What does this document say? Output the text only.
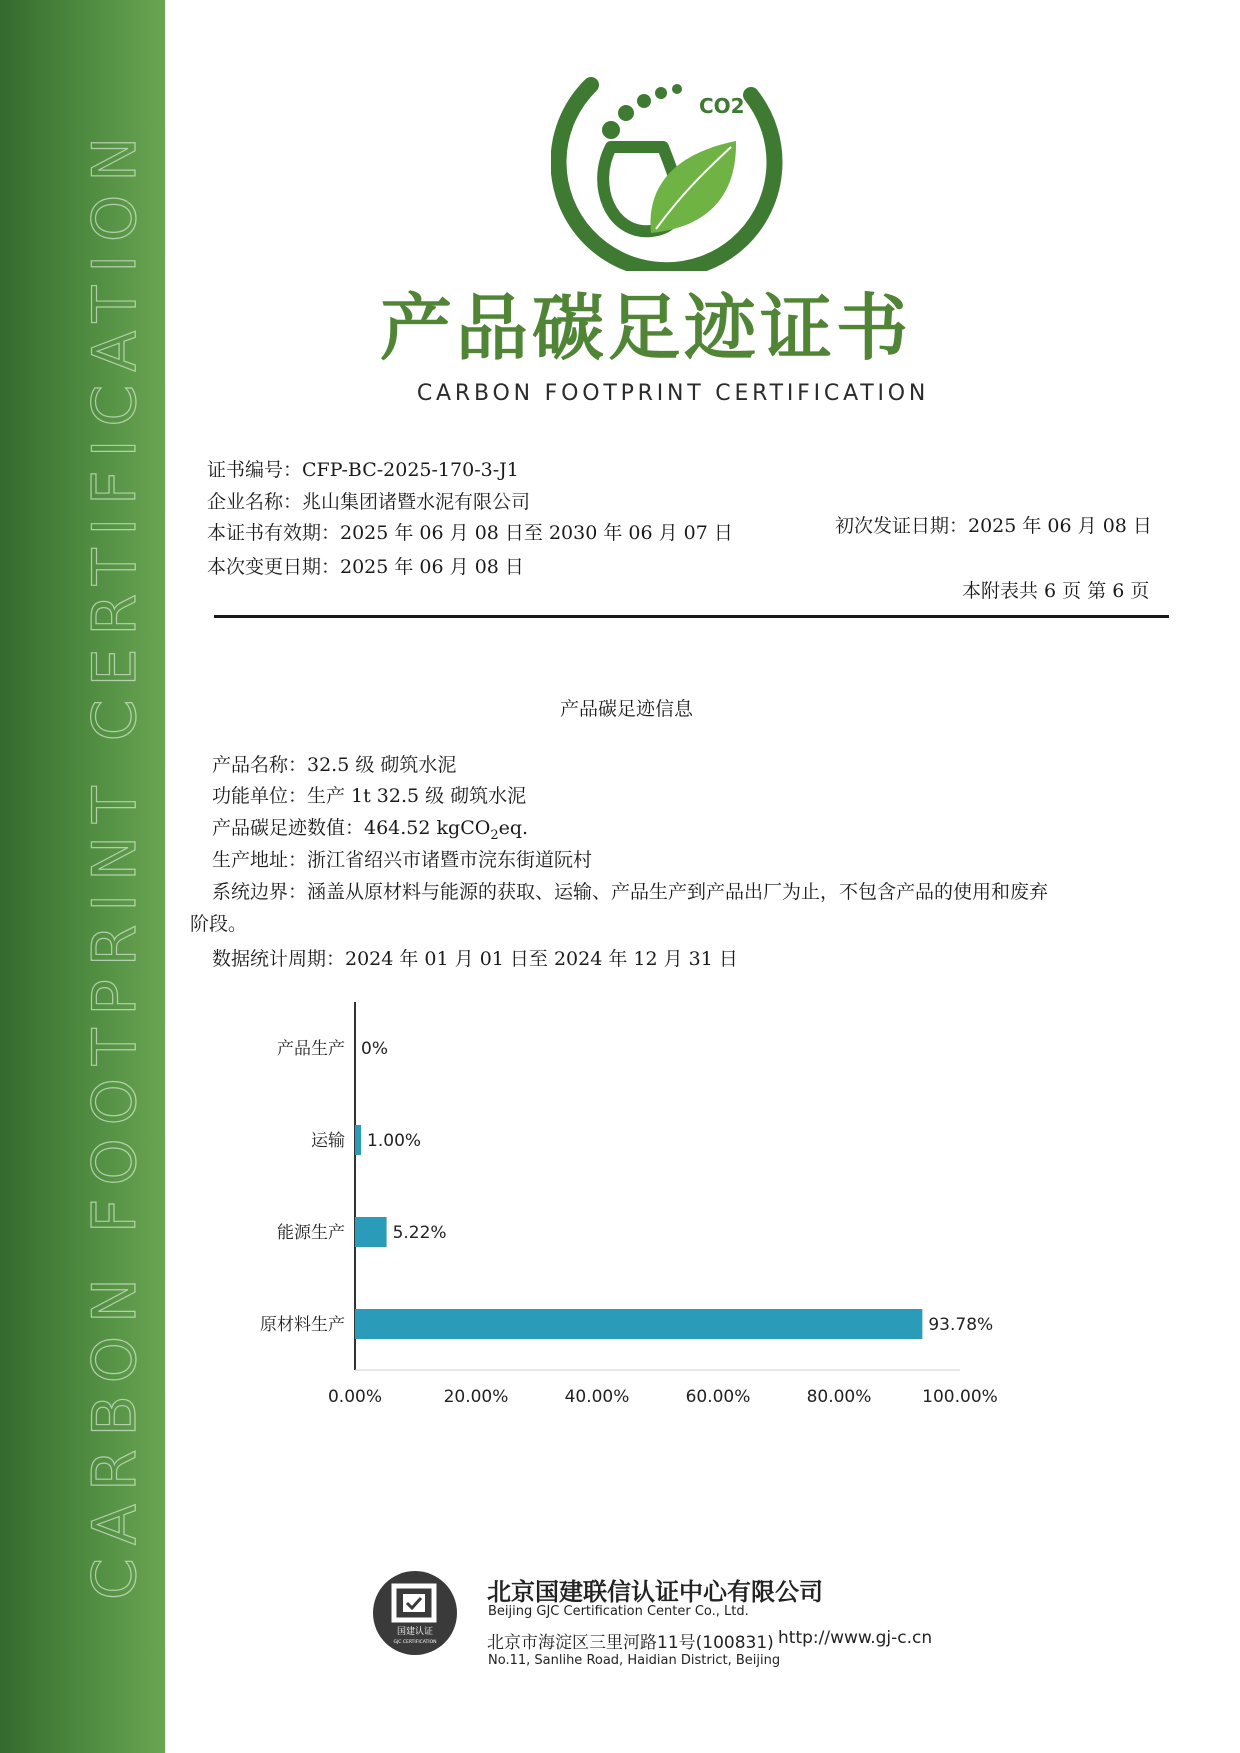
CARBON FOOTPRINT CERTIFICATION
CO2
产品碳足迹证书
CARBON FOOTPRINT CERTIFICATION
证书编号：CFP-BC-2025-170-3-J1
企业名称：兆山集团诸暨水泥有限公司
本证书有效期：2025 年 06 月 08 日至 2030 年 06 月 07 日	初次发证日期：2025 年 06 月 08 日
本次变更日期：2025 年 06 月 08 日
本附表共 6 页 第 6 页
产品碳足迹信息
产品名称：32.5 级 砌筑水泥
功能单位：生产 1t 32.5 级 砌筑水泥
产品碳足迹数值：464.52 kgCO$_2$eq.
生产地址：浙江省绍兴市诸暨市浣东街道阮村
系统边界：涵盖从原材料与能源的获取、运输、产品生产到产品出厂为止，不包含产品的使用和废弃
阶段。
数据统计周期：2024 年 01 月 01 日至 2024 年 12 月 31 日
产品生产 0%
运输 1.00%
能源生产	5.22%
原材料生产	93.78%
0.00%	20.00%	40.00%	60.00%	80.00%	100.00%
国建认证
GJC CERTIFICATION
北京国建联信认证中心有限公司
Beijing GJC Certification Center Co., Ltd.
北京市海淀区三里河路11号(100831) http://www.gj-c.cn
No.11, Sanlihe Road, Haidian District, Beijing
